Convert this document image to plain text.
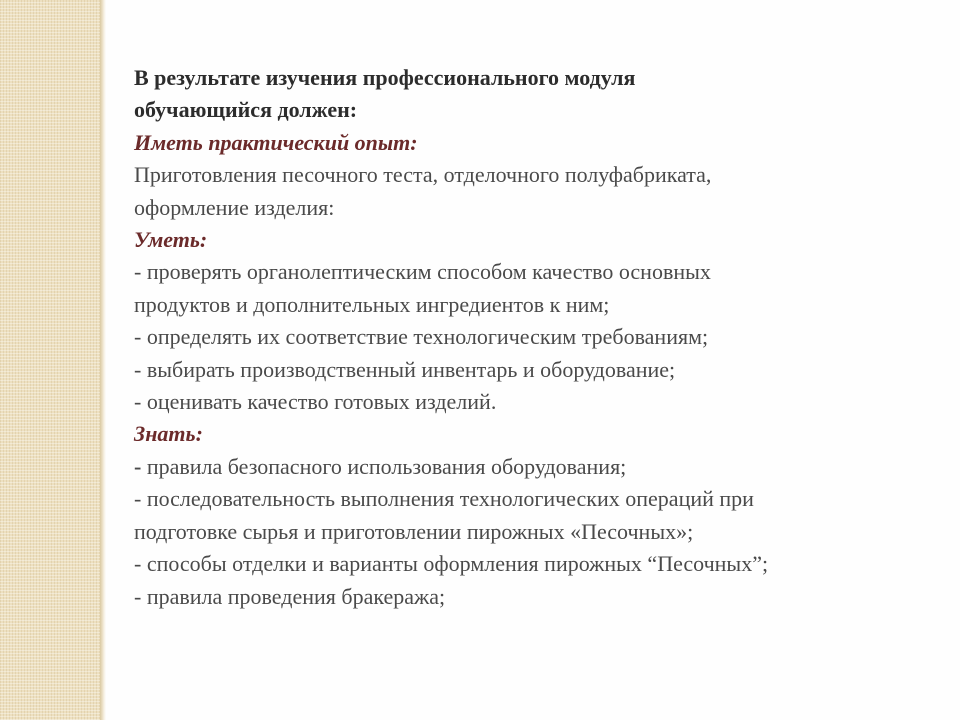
В результате изучения профессионального модуля

обучающийся должен:

Иметь практический опыт:

Приготовления песочного теста, отделочного полуфабриката,

оформление изделия:

Уметь:

- проверять органолептическим способом качество основных

продуктов и дополнительных ингредиентов к ним;

- определять их соответствие технологическим требованиям;

- выбирать производственный инвентарь и оборудование;

- оценивать качество готовых изделий.

Знать:

- правила безопасного использования оборудования;

- последовательность выполнения технологических операций при

подготовке сырья и приготовлении пирожных «Песочных»;

- способы отделки и варианты оформления пирожных “Песочных”;

- правила проведения бракеража;
